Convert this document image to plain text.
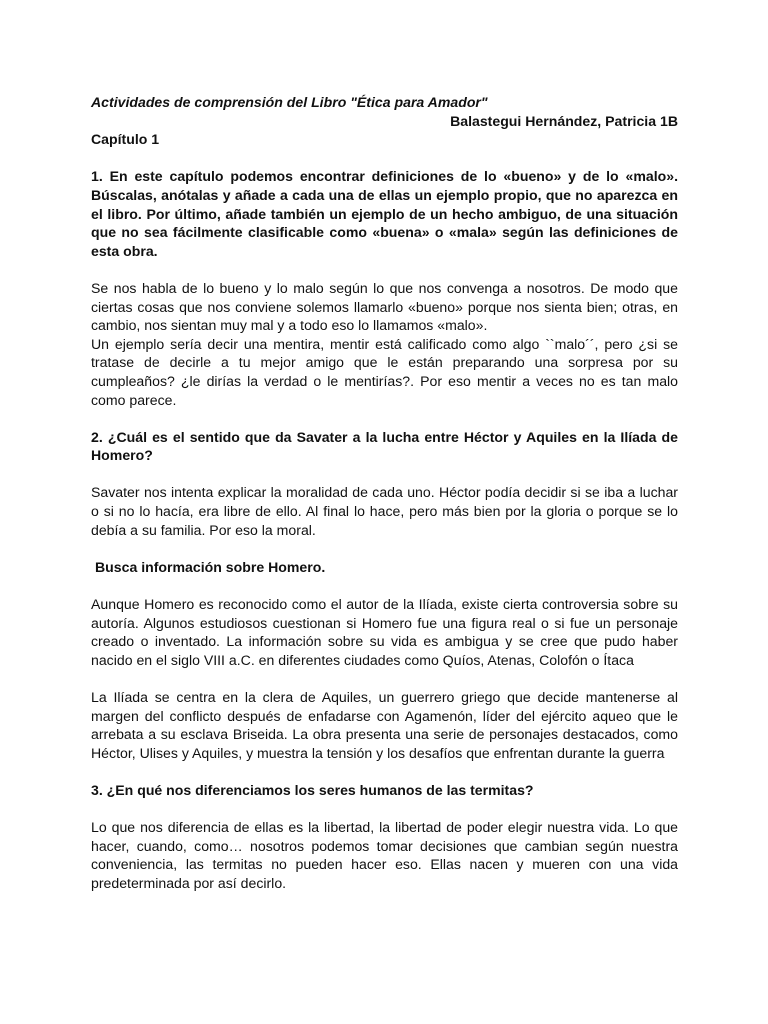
Actividades de comprensión del Libro "Ética para Amador"

Balastegui Hernández, Patricia 1B

Capítulo 1

1. En este capítulo podemos encontrar definiciones de lo «bueno» y de lo «malo». Búscalas, anótalas y añade a cada una de ellas un ejemplo propio, que no aparezca en el libro. Por último, añade también un ejemplo de un hecho ambiguo, de una situación que no sea fácilmente clasificable como «buena» o «mala» según las definiciones de esta obra.

Se nos habla de lo bueno y lo malo según lo que nos convenga a nosotros. De modo que ciertas cosas que nos conviene solemos llamarlo «bueno» porque nos sienta bien; otras, en cambio, nos sientan muy mal y a todo eso lo llamamos «malo».

Un ejemplo sería decir una mentira, mentir está calificado como algo ``malo´´, pero ¿si se tratase de decirle a tu mejor amigo que le están preparando una sorpresa por su cumpleaños? ¿le dirías la verdad o le mentirías?. Por eso mentir a veces no es tan malo como parece.

2. ¿Cuál es el sentido que da Savater a la lucha entre Héctor y Aquiles en la Ilíada de Homero?

Savater nos intenta explicar la moralidad de cada uno. Héctor podía decidir si se iba a luchar o si no lo hacía, era libre de ello. Al final lo hace, pero más bien por la gloria o porque se lo debía a su familia. Por eso la moral.

Busca información sobre Homero.

Aunque Homero es reconocido como el autor de la Ilíada, existe cierta controversia sobre su autoría. Algunos estudiosos cuestionan si Homero fue una figura real o si fue un personaje creado o inventado. La información sobre su vida es ambigua y se cree que pudo haber nacido en el siglo VIII a.C. en diferentes ciudades como Quíos, Atenas, Colofón o Ítaca

La Ilíada se centra en la clera de Aquiles, un guerrero griego que decide mantenerse al margen del conflicto después de enfadarse con Agamenón, líder del ejército aqueo que le arrebata a su esclava Briseida. La obra presenta una serie de personajes destacados, como Héctor, Ulises y Aquiles, y muestra la tensión y los desafíos que enfrentan durante la guerra

3. ¿En qué nos diferenciamos los seres humanos de las termitas?

Lo que nos diferencia de ellas es la libertad, la libertad de poder elegir nuestra vida. Lo que hacer, cuando, como… nosotros podemos tomar decisiones que cambian según nuestra conveniencia, las termitas no pueden hacer eso. Ellas nacen y mueren con una vida predeterminada por así decirlo.
